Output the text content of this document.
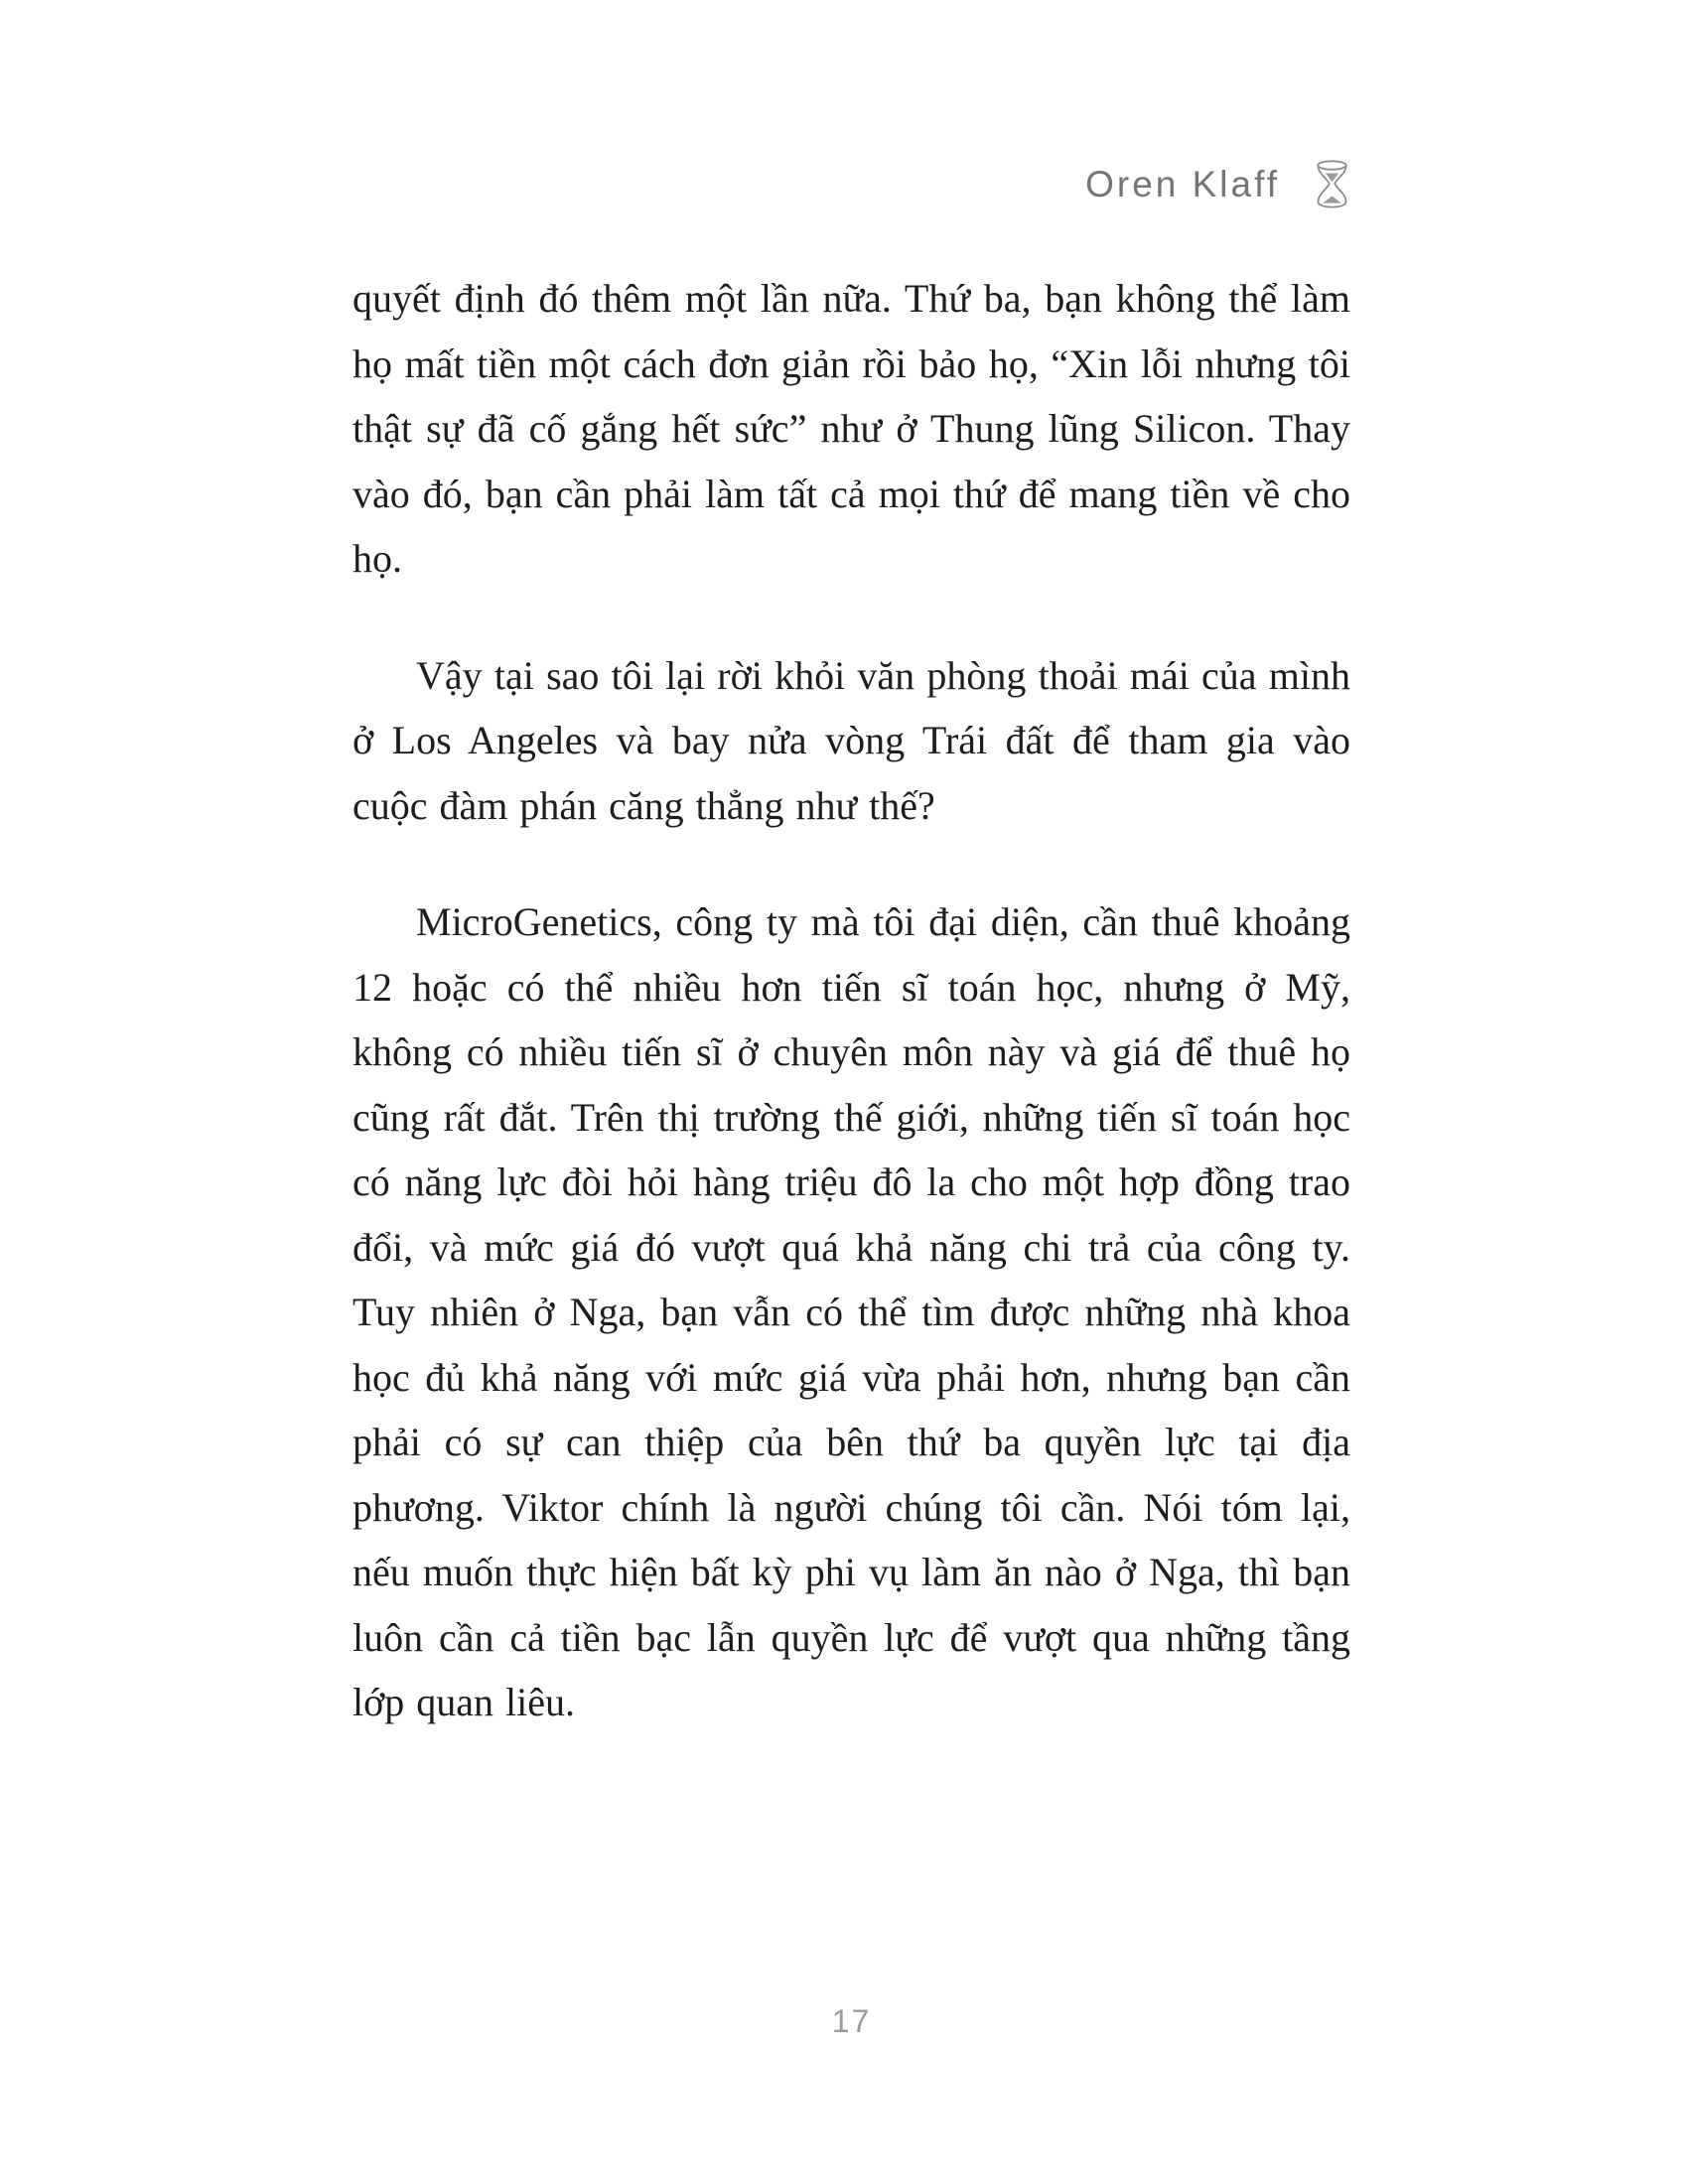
Oren Klaff

quyết định đó thêm một lần nữa. Thứ ba, bạn không thể làm họ mất tiền một cách đơn giản rồi bảo họ, “Xin lỗi nhưng tôi thật sự đã cố gắng hết sức” như ở Thung lũng Silicon. Thay vào đó, bạn cần phải làm tất cả mọi thứ để mang tiền về cho họ.

Vậy tại sao tôi lại rời khỏi văn phòng thoải mái của mình ở Los Angeles và bay nửa vòng Trái đất để tham gia vào cuộc đàm phán căng thẳng như thế?

MicroGenetics, công ty mà tôi đại diện, cần thuê khoảng 12 hoặc có thể nhiều hơn tiến sĩ toán học, nhưng ở Mỹ, không có nhiều tiến sĩ ở chuyên môn này và giá để thuê họ cũng rất đắt. Trên thị trường thế giới, những tiến sĩ toán học có năng lực đòi hỏi hàng triệu đô la cho một hợp đồng trao đổi, và mức giá đó vượt quá khả năng chi trả của công ty. Tuy nhiên ở Nga, bạn vẫn có thể tìm được những nhà khoa học đủ khả năng với mức giá vừa phải hơn, nhưng bạn cần phải có sự can thiệp của bên thứ ba quyền lực tại địa phương. Viktor chính là người chúng tôi cần. Nói tóm lại, nếu muốn thực hiện bất kỳ phi vụ làm ăn nào ở Nga, thì bạn luôn cần cả tiền bạc lẫn quyền lực để vượt qua những tầng lớp quan liêu.

17
